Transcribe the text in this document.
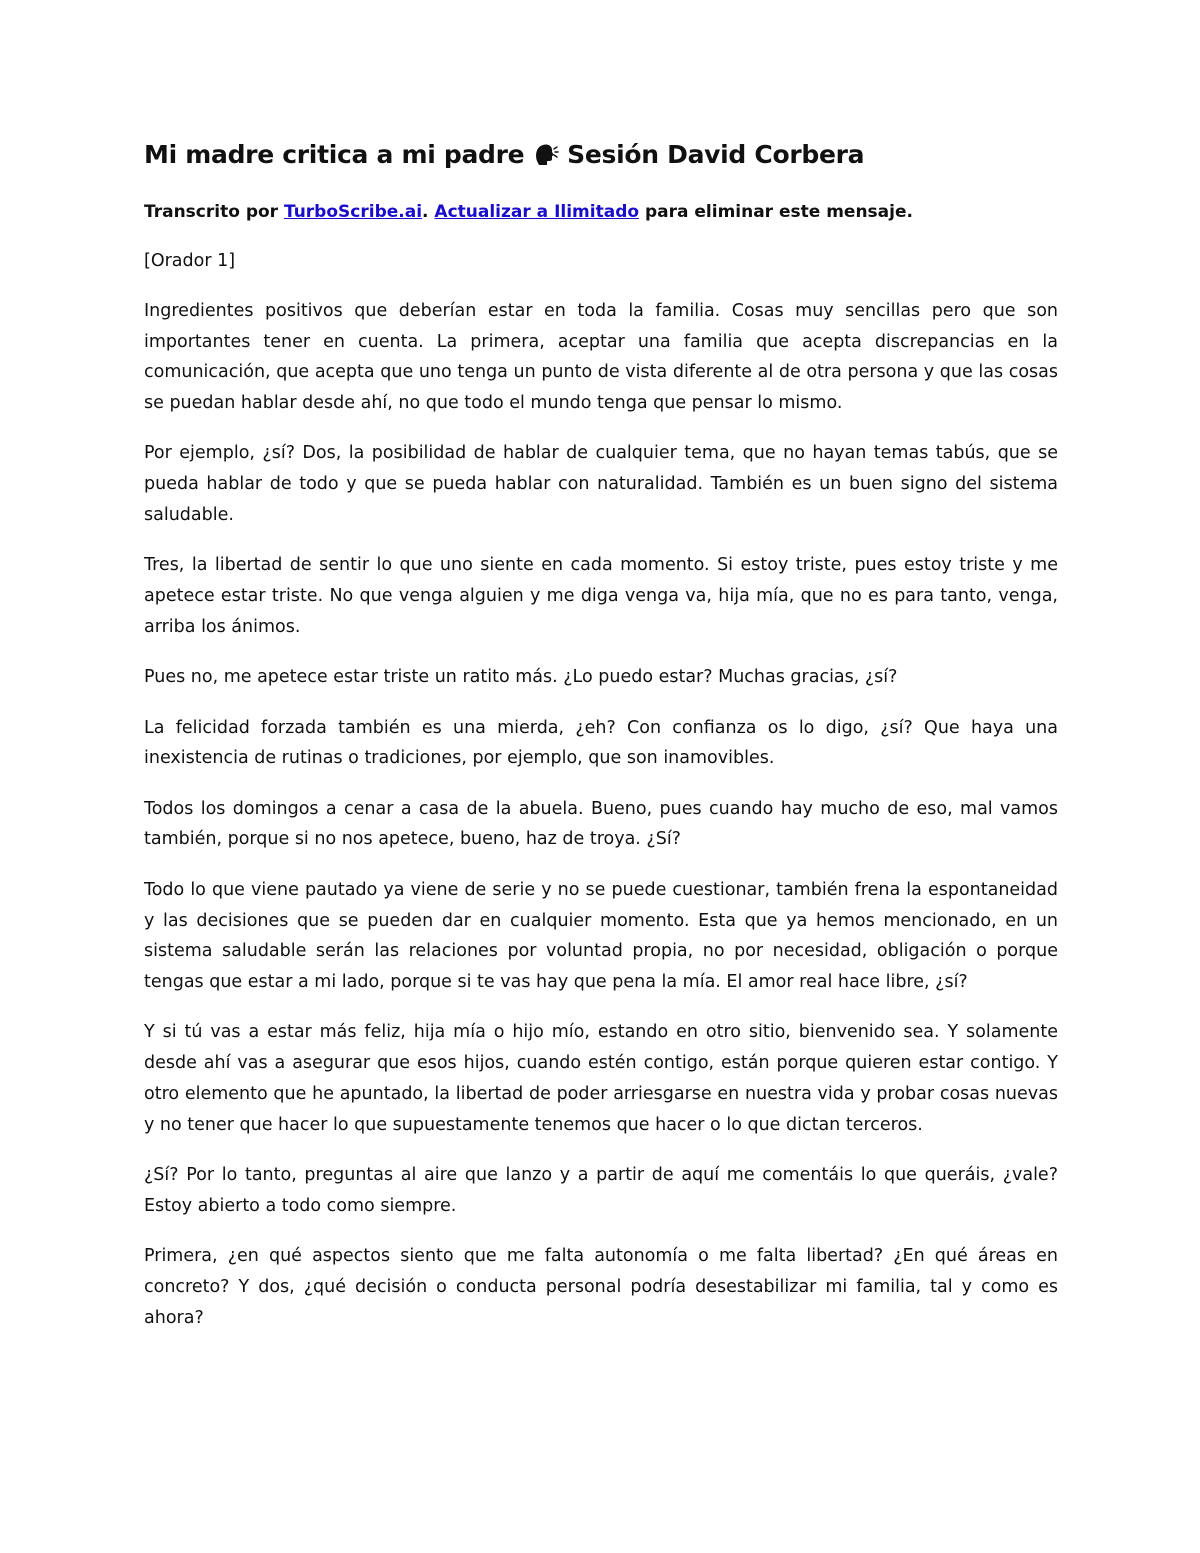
Mi madre critica a mi padre Sesión David Corbera

Transcrito por TurboScribe.ai. Actualizar a Ilimitado para eliminar este mensaje.

[Orador 1]

Ingredientes positivos que deberían estar en toda la familia. Cosas muy sencillas pero que son importantes tener en cuenta. La primera, aceptar una familia que acepta discrepancias en la comunicación, que acepta que uno tenga un punto de vista diferente al de otra persona y que las cosas se puedan hablar desde ahí, no que todo el mundo tenga que pensar lo mismo.

Por ejemplo, ¿sí? Dos, la posibilidad de hablar de cualquier tema, que no hayan temas tabús, que se pueda hablar de todo y que se pueda hablar con naturalidad. También es un buen signo del sistema saludable.

Tres, la libertad de sentir lo que uno siente en cada momento. Si estoy triste, pues estoy triste y me apetece estar triste. No que venga alguien y me diga venga va, hija mía, que no es para tanto, venga, arriba los ánimos.

Pues no, me apetece estar triste un ratito más. ¿Lo puedo estar? Muchas gracias, ¿sí?

La felicidad forzada también es una mierda, ¿eh? Con confianza os lo digo, ¿sí? Que haya una inexistencia de rutinas o tradiciones, por ejemplo, que son inamovibles.

Todos los domingos a cenar a casa de la abuela. Bueno, pues cuando hay mucho de eso, mal vamos también, porque si no nos apetece, bueno, haz de troya. ¿Sí?

Todo lo que viene pautado ya viene de serie y no se puede cuestionar, también frena la espontaneidad y las decisiones que se pueden dar en cualquier momento. Esta que ya hemos mencionado, en un sistema saludable serán las relaciones por voluntad propia, no por necesidad, obligación o porque tengas que estar a mi lado, porque si te vas hay que pena la mía. El amor real hace libre, ¿sí?

Y si tú vas a estar más feliz, hija mía o hijo mío, estando en otro sitio, bienvenido sea. Y solamente desde ahí vas a asegurar que esos hijos, cuando estén contigo, están porque quieren estar contigo. Y otro elemento que he apuntado, la libertad de poder arriesgarse en nuestra vida y probar cosas nuevas y no tener que hacer lo que supuestamente tenemos que hacer o lo que dictan terceros.

¿Sí? Por lo tanto, preguntas al aire que lanzo y a partir de aquí me comentáis lo que queráis, ¿vale? Estoy abierto a todo como siempre.

Primera, ¿en qué aspectos siento que me falta autonomía o me falta libertad? ¿En qué áreas en concreto? Y dos, ¿qué decisión o conducta personal podría desestabilizar mi familia, tal y como es ahora?
